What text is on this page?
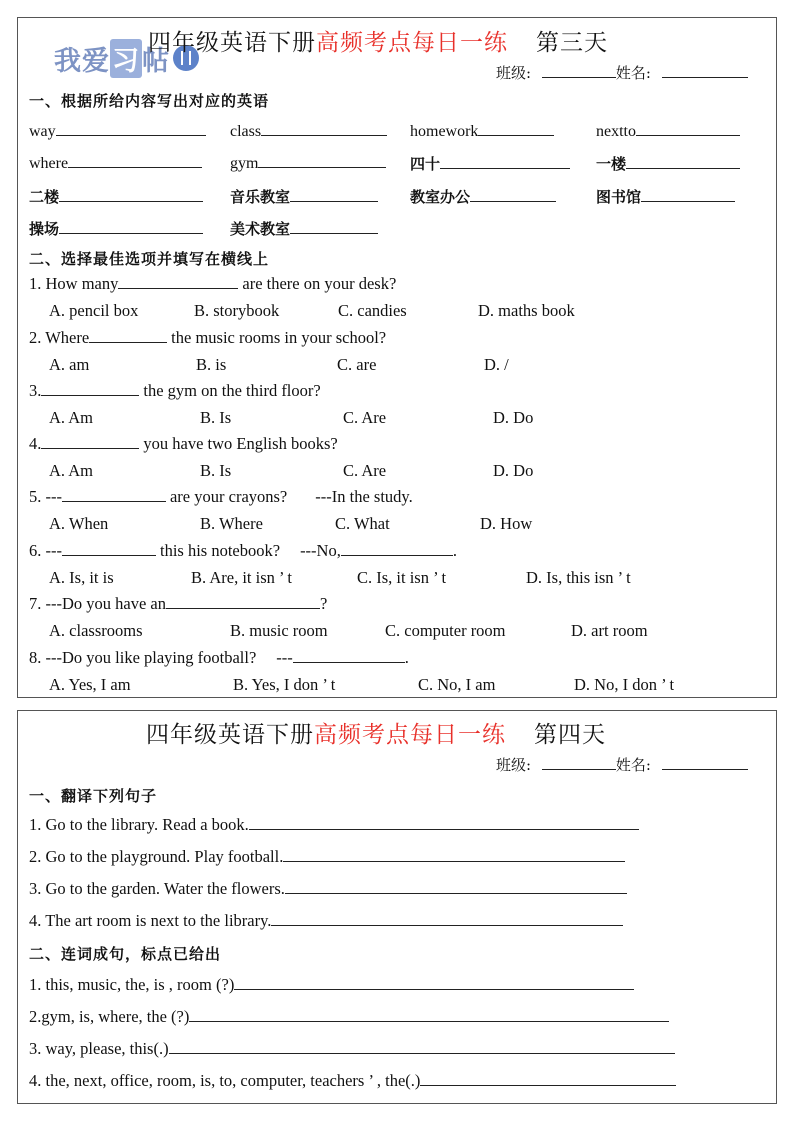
我爱习帖
四年级英语下册高频考点每日一练 第三天
班级:	姓名:
一、根据所给内容写出对应的英语
way	class	homework	nextto
where	gym	四十	一楼
二楼	音乐教室	教室办公	图书馆
操场	美术教室
二、选择最佳选项并填写在横线上
1. How many	are there on your desk?
A. pencil box	B. storybook	C. candies	D. maths book
2. Where	the music rooms in your school?
A. am	B. is	C. are	D. /
3.	the gym on the third floor?
A. Am	B. Is	C. Are	D. Do
4.	you have two English books?
A. Am	B. Is	C. Are	D. Do
5. ---	are your crayons? ---In the study.
A. When	B. Where	C. What	D. How
6. ---	this his notebook? ---No,	.
A. Is, it is	B. Are, it isn ’ t	C. Is, it isn ’ t	D. Is, this isn ’ t
7. ---Do you have an	?
A. classrooms	B. music room	C. computer room	D. art room
8. ---Do you like playing football? ---	.
A. Yes, I am	B. Yes, I don ’ t	C. No, I am	D. No, I don ’ t
四年级英语下册高频考点每日一练 第四天
班级:	姓名:
一、翻译下列句子
1. Go to the library. Read a book.
2. Go to the playground. Play football.
3. Go to the garden. Water the flowers.
4. The art room is next to the library.
二、连词成句，标点已给出
1. this, music, the, is , room (?)
2.gym, is, where, the (?)
3. way, please, this(.)
4. the, next, office, room, is, to, computer, teachers ’ , the(.)
